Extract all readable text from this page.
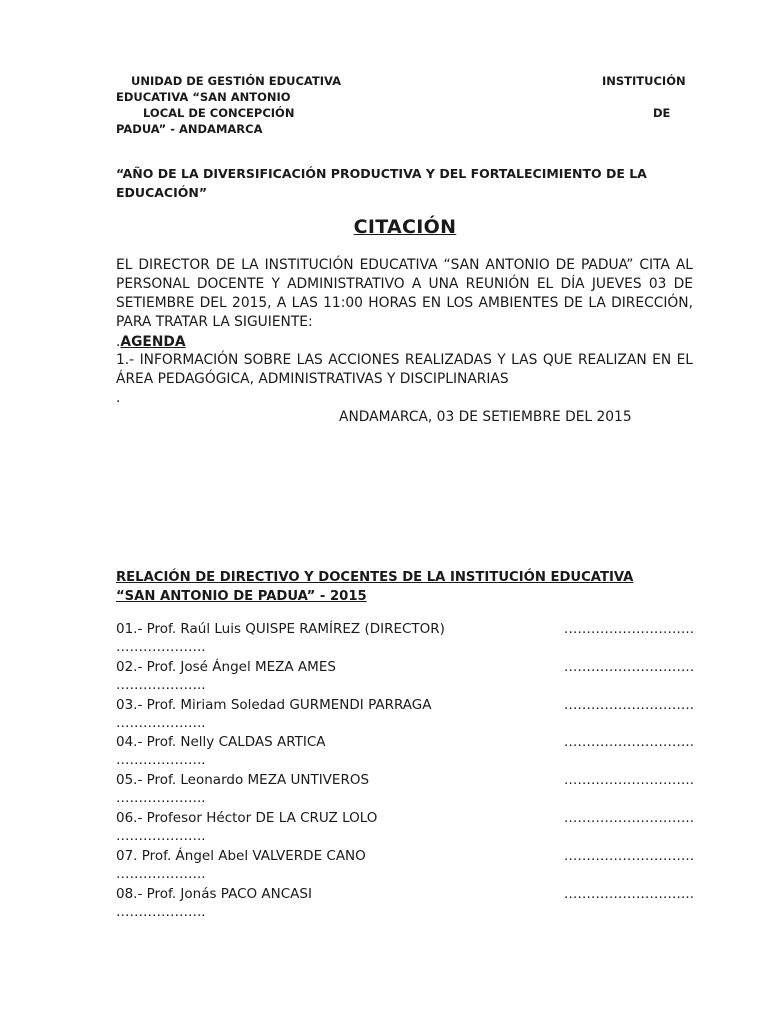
UNIDAD DE GESTIÓN EDUCATIVA	INSTITUCIÓN
EDUCATIVA “SAN ANTONIO
LOCAL DE CONCEPCIÓN	DE
PADUA” - ANDAMARCA
“AÑO DE LA DIVERSIFICACIÓN PRODUCTIVA Y DEL FORTALECIMIENTO DE LA
EDUCACIÓN”
CITACIÓN
EL DIRECTOR DE LA INSTITUCIÓN EDUCATIVA “SAN ANTONIO DE PADUA” CITA AL
PERSONAL DOCENTE Y ADMINISTRATIVO A UNA REUNIÓN EL DÍA JUEVES 03 DE
SETIEMBRE DEL 2015, A LAS 11:00 HORAS EN LOS AMBIENTES DE LA DIRECCIÓN,
PARA TRATAR LA SIGUIENTE:
.AGENDA
1.- INFORMACIÓN SOBRE LAS ACCIONES REALIZADAS Y LAS QUE REALIZAN EN EL
ÁREA PEDAGÓGICA, ADMINISTRATIVAS Y DISCIPLINARIAS
.
ANDAMARCA, 03 DE SETIEMBRE DEL 2015
RELACIÓN DE DIRECTIVO Y DOCENTES DE LA INSTITUCIÓN EDUCATIVA
“SAN ANTONIO DE PADUA” - 2015
01.- Prof. Raúl Luis QUISPE RAMÍREZ (DIRECTOR)	………………………..
………………..
02.- Prof. José Ángel MEZA AMES	………………………..
………………..
03.- Prof. Miriam Soledad GURMENDI PARRAGA	………………………..
………………..
04.- Prof. Nelly CALDAS ARTICA	………………………..
………………..
05.- Prof. Leonardo MEZA UNTIVEROS	………………………..
………………..
06.- Profesor Héctor DE LA CRUZ LOLO	………………………..
………………..
07. Prof. Ángel Abel VALVERDE CANO	………………………..
………………..
08.- Prof. Jonás PACO ANCASI	………………………..
………………..
